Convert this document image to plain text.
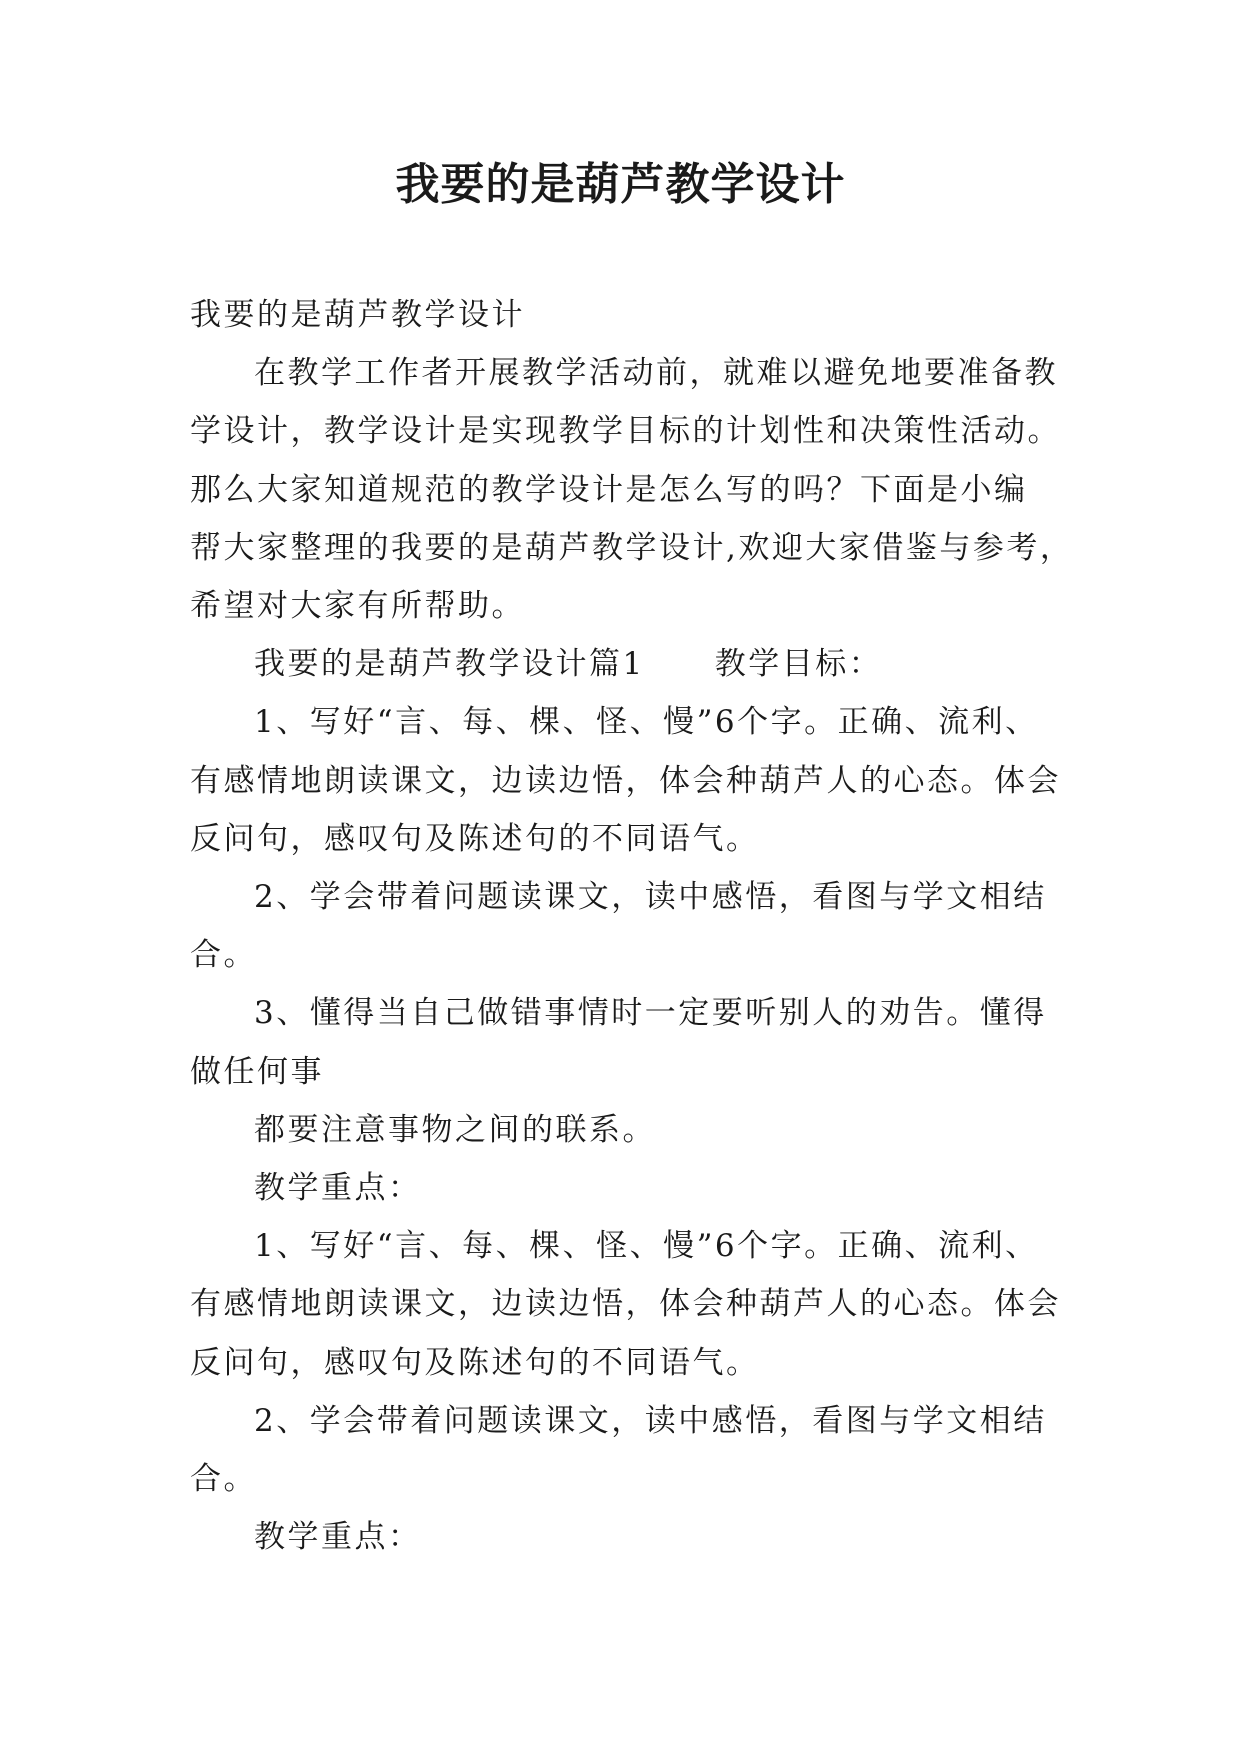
我要的是葫芦教学设计

我要的是葫芦教学设计

在教学工作者开展教学活动前，就难以避免地要准备教

学设计，教学设计是实现教学目标的计划性和决策性活动。

那么大家知道规范的教学设计是怎么写的吗？下面是小编

帮大家整理的我要的是葫芦教学设计,欢迎大家借鉴与参考，

希望对大家有所帮助。

我要的是葫芦教学设计篇1 教学目标：

1、写好“言、每、棵、怪、慢”6个字。正确、流利、

有感情地朗读课文，边读边悟，体会种葫芦人的心态。体会

反问句，感叹句及陈述句的不同语气。

2、学会带着问题读课文，读中感悟，看图与学文相结

合。

3、懂得当自己做错事情时一定要听别人的劝告。懂得

做任何事

都要注意事物之间的联系。

教学重点：

1、写好“言、每、棵、怪、慢”6个字。正确、流利、

有感情地朗读课文，边读边悟，体会种葫芦人的心态。体会

反问句，感叹句及陈述句的不同语气。

2、学会带着问题读课文，读中感悟，看图与学文相结

合。

教学重点：
